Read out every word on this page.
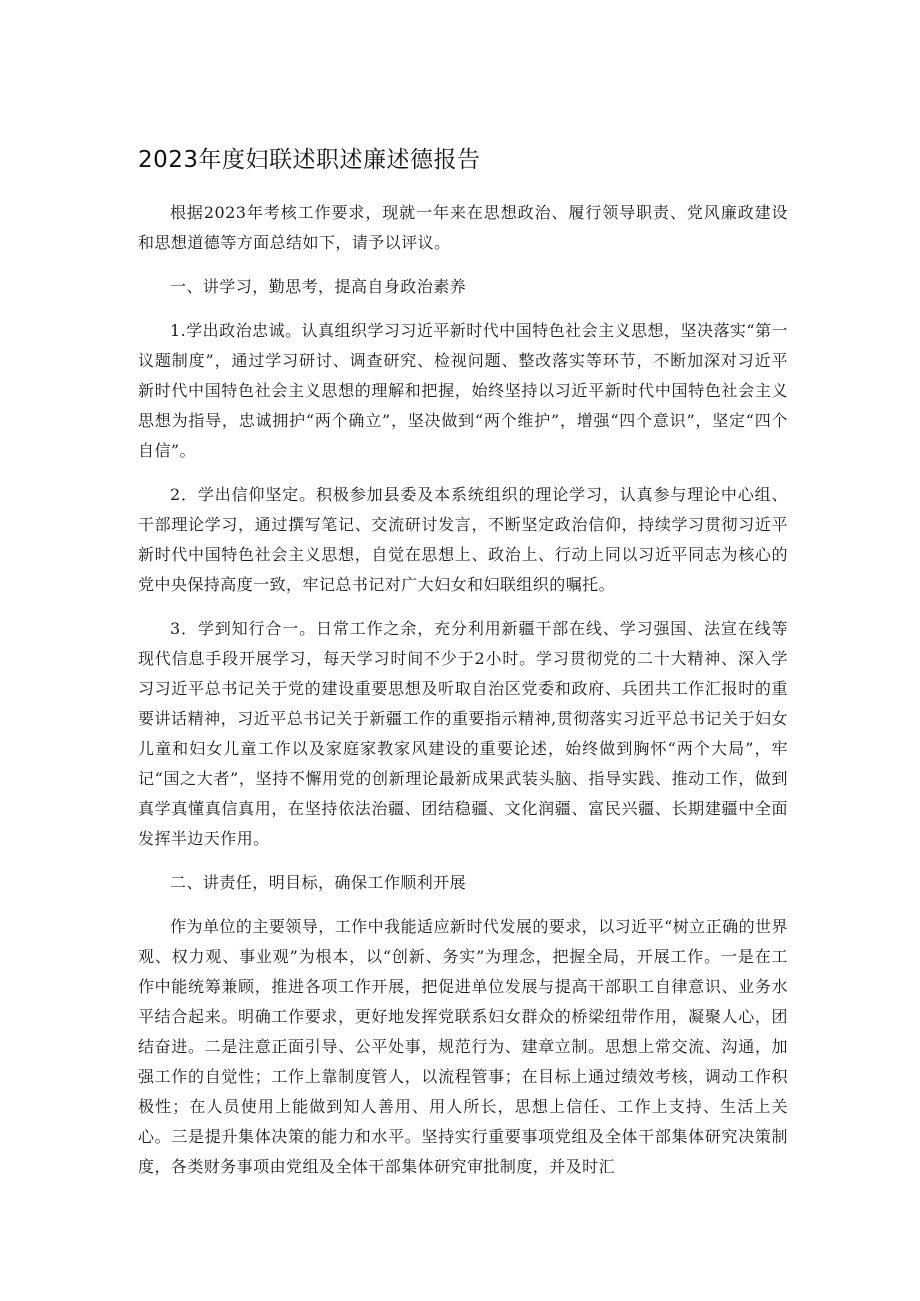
2023年度妇联述职述廉述德报告

根据2023年考核工作要求，现就一年来在思想政治、履行领导职责、党风廉政建设和思想道德等方面总结如下，请予以评议。

一、讲学习，勤思考，提高自身政治素养

1.学出政治忠诚。认真组织学习习近平新时代中国特色社会主义思想，坚决落实“第一议题制度”，通过学习研讨、调查研究、检视问题、整改落实等环节，不断加深对习近平新时代中国特色社会主义思想的理解和把握，始终坚持以习近平新时代中国特色社会主义思想为指导，忠诚拥护“两个确立”，坚决做到“两个维护”，增强“四个意识”，坚定“四个自信”。

2．学出信仰坚定。积极参加县委及本系统组织的理论学习，认真参与理论中心组、干部理论学习，通过撰写笔记、交流研讨发言，不断坚定政治信仰，持续学习贯彻习近平新时代中国特色社会主义思想，自觉在思想上、政治上、行动上同以习近平同志为核心的党中央保持高度一致，牢记总书记对广大妇女和妇联组织的嘱托。

3．学到知行合一。日常工作之余，充分利用新疆干部在线、学习强国、法宣在线等现代信息手段开展学习，每天学习时间不少于2小时。学习贯彻党的二十大精神、深入学习习近平总书记关于党的建设重要思想及听取自治区党委和政府、兵团共工作汇报时的重要讲话精神，习近平总书记关于新疆工作的重要指示精神,贯彻落实习近平总书记关于妇女儿童和妇女儿童工作以及家庭家教家风建设的重要论述，始终做到胸怀“两个大局”，牢记“国之大者”，坚持不懈用党的创新理论最新成果武装头脑、指导实践、推动工作，做到真学真懂真信真用，在坚持依法治疆、团结稳疆、文化润疆、富民兴疆、长期建疆中全面发挥半边天作用。

二、讲责任，明目标，确保工作顺利开展

作为单位的主要领导，工作中我能适应新时代发展的要求，以习近平“树立正确的世界观、权力观、事业观”为根本，以“创新、务实”为理念，把握全局，开展工作。一是在工作中能统筹兼顾，推进各项工作开展，把促进单位发展与提高干部职工自律意识、业务水平结合起来。明确工作要求，更好地发挥党联系妇女群众的桥梁纽带作用，凝聚人心，团结奋进。二是注意正面引导、公平处事，规范行为、建章立制。思想上常交流、沟通，加强工作的自觉性；工作上靠制度管人，以流程管事；在目标上通过绩效考核，调动工作积极性；在人员使用上能做到知人善用、用人所长，思想上信任、工作上支持、生活上关心。三是提升集体决策的能力和水平。坚持实行重要事项党组及全体干部集体研究决策制度，各类财务事项由党组及全体干部集体研究审批制度，并及时汇
